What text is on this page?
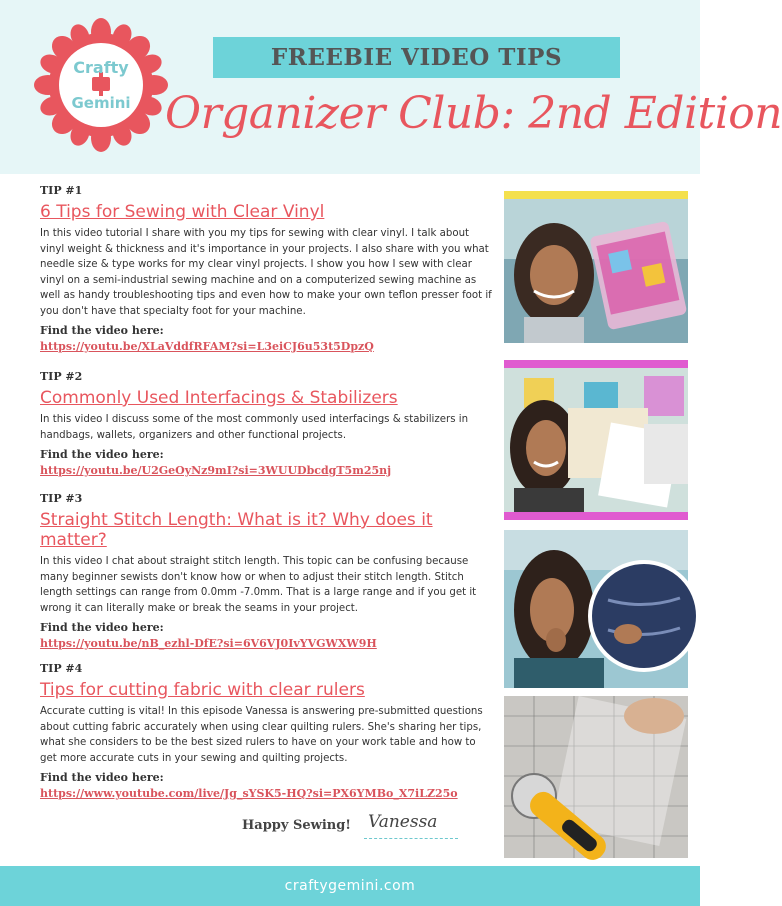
Crafty
Gemini
FREEBIE VIDEO TIPS
Organizer Club: 2nd Edition
TIP #1
6 Tips for Sewing with Clear Vinyl
In this video tutorial I share with you my tips for sewing with clear vinyl. I talk about vinyl weight & thickness and it's importance in your projects. I also share with you what needle size & type works for my clear vinyl projects. I show you how I sew with clear vinyl on a semi-industrial sewing machine and on a computerized sewing machine as well as handy troubleshooting tips and even how to make your own teflon presser foot if you don't have that specialty foot for your machine.
Find the video here:
https://youtu.be/XLaVddfRFAM?si=L3eiCJ6u53t5DpzQ
TIP #2
Commonly Used Interfacings & Stabilizers
In this video I discuss some of the most commonly used interfacings & stabilizers in handbags, wallets, organizers and other functional projects.
Find the video here:
https://youtu.be/U2GeOyNz9mI?si=3WUUDbcdgT5m25nj
TIP #3
Straight Stitch Length: What is it? Why does it matter?
In this video I chat about straight stitch length. This topic can be confusing because many beginner sewists don't know how or when to adjust their stitch length. Stitch length settings can range from 0.0mm -7.0mm. That is a large range and if you get it wrong it can literally make or break the seams in your project.
Find the video here:
https://youtu.be/nB_ezhl-DfE?si=6V6VJ0IvYVGWXW9H
TIP #4
Tips for cutting fabric with clear rulers
Accurate cutting is vital! In this episode Vanessa is answering pre-submitted questions about cutting fabric accurately when using clear quilting rulers. She's sharing her tips, what she considers to be the best sized rulers to have on your work table and how to get more accurate cuts in your sewing and quilting projects.
Find the video here:
https://www.youtube.com/live/Jg_sYSK5-HQ?si=PX6YMBo_X7iLZ25o
Happy Sewing! Vanessa
craftygemini.com
